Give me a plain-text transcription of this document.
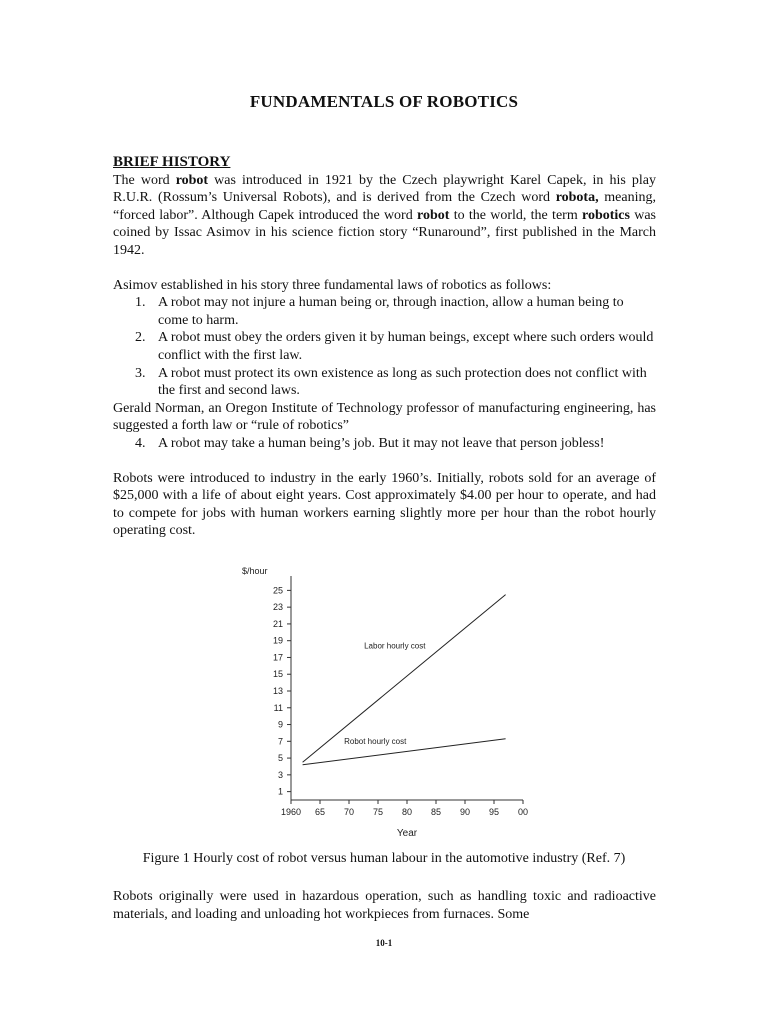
FUNDAMENTALS OF ROBOTICS
BRIEF HISTORY
The word robot was introduced in 1921 by the Czech playwright Karel Capek, in his play R.U.R. (Rossum’s Universal Robots), and is derived from the Czech word robota, meaning, “forced labor”. Although Capek introduced the word robot to the world, the term robotics was coined by Issac Asimov in his science fiction story “Runaround”, first published in the March 1942.
Asimov established in his story three fundamental laws of robotics as follows:
1. A robot may not injure a human being or, through inaction, allow a human being to come to harm.
2. A robot must obey the orders given it by human beings, except where such orders would conflict with the first law.
3. A robot must protect its own existence as long as such protection does not conflict with the first and second laws.
Gerald Norman, an Oregon Institute of Technology professor of manufacturing engineering, has suggested a forth law or “rule of robotics”
4. A robot may take a human being’s job. But it may not leave that person jobless!
Robots were introduced to industry in the early 1960’s. Initially, robots sold for an average of $25,000 with a life of about eight years. Cost approximately $4.00 per hour to operate, and had to compete for jobs with human workers earning slightly more per hour than the robot hourly operating cost.
$/hour
1
3
5
7
9
11
13
15
17
19
21
23
25
1960 65 70 75 80 85 90 95 00
Year
Labor hourly cost
Robot hourly cost
Figure 1 Hourly cost of robot versus human labour in the automotive industry (Ref. 7)
Robots originally were used in hazardous operation, such as handling toxic and radioactive materials, and loading and unloading hot workpieces from furnaces. Some
10-1
